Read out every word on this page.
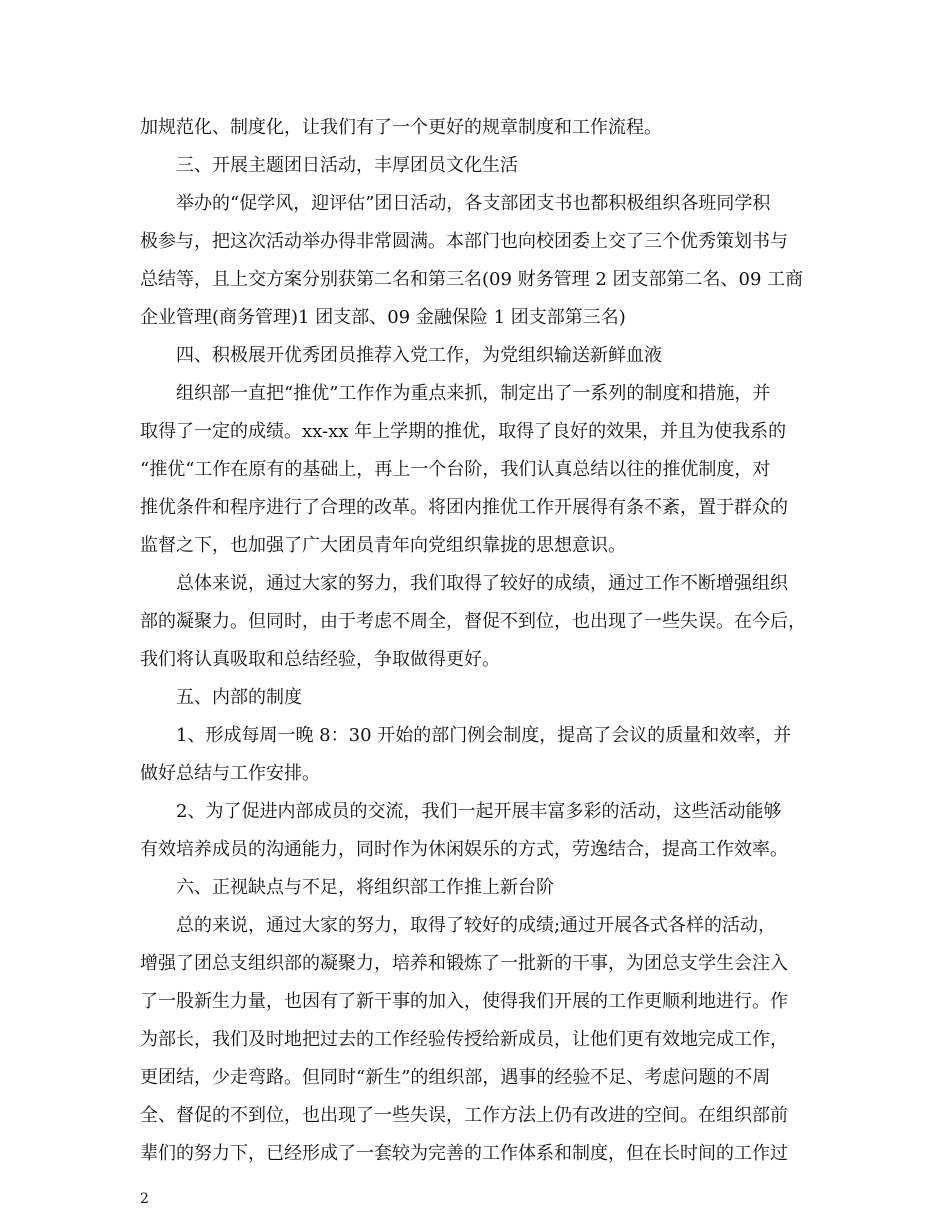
加规范化、制度化，让我们有了一个更好的规章制度和工作流程。
三、开展主题团日活动，丰厚团员文化生活
举办的“促学风，迎评估”团日活动，各支部团支书也都积极组织各班同学积
极参与，把这次活动举办得非常圆满。本部门也向校团委上交了三个优秀策划书与
总结等，且上交方案分别获第二名和第三名(09 财务管理 2 团支部第二名、09 工商
企业管理(商务管理)1 团支部、09 金融保险 1 团支部第三名)
四、积极展开优秀团员推荐入党工作，为党组织输送新鲜血液
组织部一直把“推优”工作作为重点来抓，制定出了一系列的制度和措施，并
取得了一定的成绩。xx-xx 年上学期的推优，取得了良好的效果，并且为使我系的
“推优“工作在原有的基础上，再上一个台阶，我们认真总结以往的推优制度，对
推优条件和程序进行了合理的改革。将团内推优工作开展得有条不紊，置于群众的
监督之下，也加强了广大团员青年向党组织靠拢的思想意识。
总体来说，通过大家的努力，我们取得了较好的成绩，通过工作不断增强组织
部的凝聚力。但同时，由于考虑不周全，督促不到位，也出现了一些失误。在今后，
我们将认真吸取和总结经验，争取做得更好。
五、内部的制度
1、形成每周一晚 8：30 开始的部门例会制度，提高了会议的质量和效率，并
做好总结与工作安排。
2、为了促进内部成员的交流，我们一起开展丰富多彩的活动，这些活动能够
有效培养成员的沟通能力，同时作为休闲娱乐的方式，劳逸结合，提高工作效率。
六、正视缺点与不足，将组织部工作推上新台阶
总的来说，通过大家的努力，取得了较好的成绩;通过开展各式各样的活动，
增强了团总支组织部的凝聚力，培养和锻炼了一批新的干事，为团总支学生会注入
了一股新生力量，也因有了新干事的加入，使得我们开展的工作更顺利地进行。作
为部长，我们及时地把过去的工作经验传授给新成员，让他们更有效地完成工作，
更团结，少走弯路。但同时“新生”的组织部，遇事的经验不足、考虑问题的不周
全、督促的不到位，也出现了一些失误，工作方法上仍有改进的空间。在组织部前
辈们的努力下，已经形成了一套较为完善的工作体系和制度，但在长时间的工作过
2
